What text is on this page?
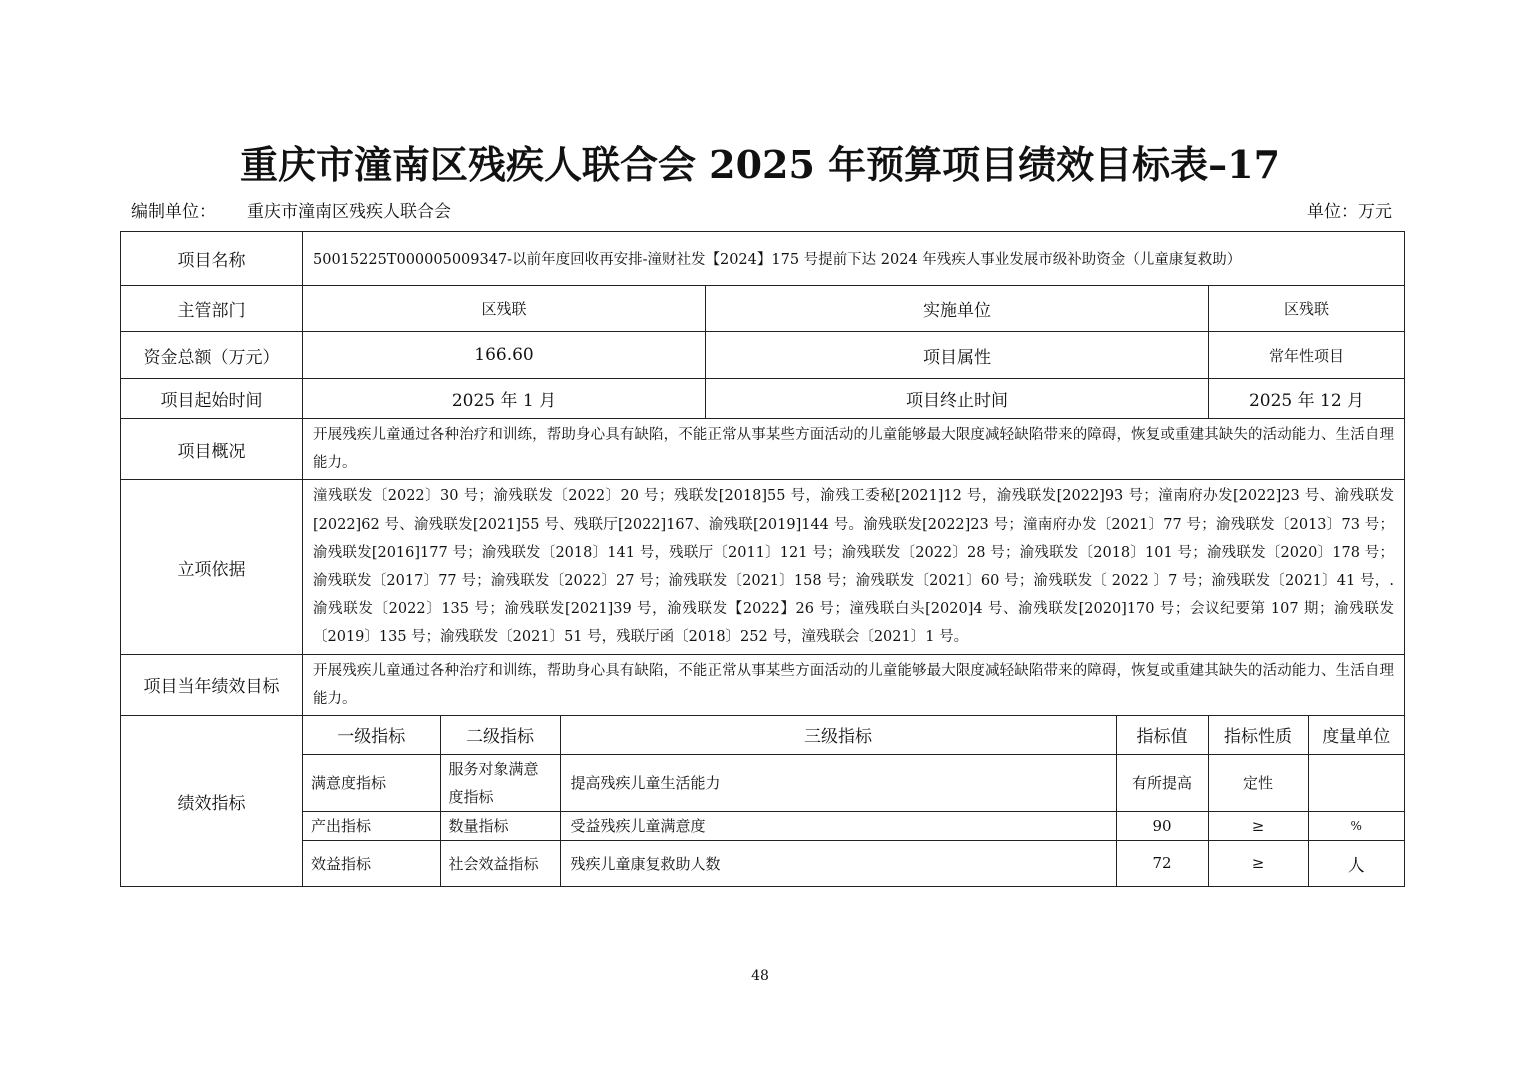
重庆市潼南区残疾人联合会 2025 年预算项目绩效目标表–17
编制单位： 重庆市潼南区残疾人联合会	单位：万元
项目名称	50015225T000005009347-以前年度回收再安排-潼财社发【2024】175 号提前下达 2024 年残疾人事业发展市级补助资金（儿童康复救助）
主管部门	区残联	实施单位	区残联
资金总额（万元）	166.60	项目属性	常年性项目
项目起始时间	2025 年 1 月	项目终止时间	2025 年 12 月
项目概况	开展残疾儿童通过各种治疗和训练，帮助身心具有缺陷，不能正常从事某些方面活动的儿童能够最大限度减轻缺陷带来的障碍，恢复或重建其缺失的活动能力、生活自理能力。
立项依据	潼残联发〔2022〕30 号；渝残联发〔2022〕20 号；残联发[2018]55 号，渝残工委秘[2021]12 号，渝残联发[2022]93 号；潼南府办发[2022]23 号、渝残联发[2022]62 号、渝残联发[2021]55 号、残联厅[2022]167、渝残联[2019]144 号。渝残联发[2022]23 号；潼南府办发〔2021〕77 号；渝残联发〔2013〕73 号；渝残联发[2016]177 号；渝残联发〔2018〕141 号，残联厅〔2011〕121 号；渝残联发〔2022〕28 号；渝残联发〔2018〕101 号；渝残联发〔2020〕178 号；渝残联发〔2017〕77 号；渝残联发〔2022〕27 号；渝残联发〔2021〕158 号；渝残联发〔2021〕60 号；渝残联发〔 2022 〕7 号；渝残联发〔2021〕41 号，.渝残联发〔2022〕135 号；渝残联发[2021]39 号，渝残联发【2022】26 号；潼残联白头[2020]4 号、渝残联发[2020]170 号；会议纪要第 107 期；渝残联发〔2019〕135 号；渝残联发〔2021〕51 号，残联厅函〔2018〕252 号，潼残联会〔2021〕1 号。
项目当年绩效目标	开展残疾儿童通过各种治疗和训练，帮助身心具有缺陷，不能正常从事某些方面活动的儿童能够最大限度减轻缺陷带来的障碍，恢复或重建其缺失的活动能力、生活自理能力。
绩效指标	
一级指标	二级指标	三级指标	指标值	指标性质	度量单位
满意度指标	服务对象满意度指标	提高残疾儿童生活能力	有所提高	定性	
产出指标	数量指标	受益残疾儿童满意度	90	≥	%
效益指标	社会效益指标	残疾儿童康复救助人数	72	≥	人
48
